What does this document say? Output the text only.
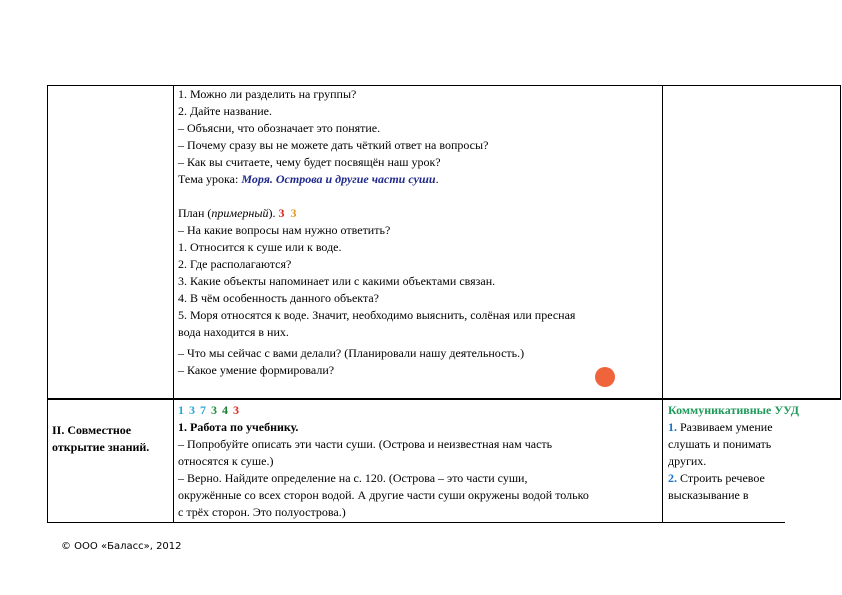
1. Можно ли разделить на группы?
2. Дайте название.
– Объясни, что обозначает это понятие.
– Почему сразу вы не можете дать чёткий ответ на вопросы?
– Как вы считаете, чему будет посвящён наш урок?
Тема урока: Моря. Острова и другие части суши.
План (примерный). 3 3
– На какие вопросы нам нужно ответить?
1. Относится к суше или к воде.
2. Где располагаются?
3. Какие объекты напоминает или с какими объектами связан.
4. В чём особенность данного объекта?
5. Моря относятся к воде. Значит, необходимо выяснить, солёная или пресная
вода находится в них.
– Что мы сейчас с вами делали? (Планировали нашу деятельность.)
– Какое умение формировали?
II. Совместное
открытие знаний.
1 3 7 3 4 3
1. Работа по учебнику.
– Попробуйте описать эти части суши. (Острова и неизвестная нам часть
относятся к суше.)
– Верно. Найдите определение на с. 120. (Острова – это части суши,
окружённые со всех сторон водой. А другие части суши окружены водой только
с трёх сторон. Это полуострова.)
Коммуникативные УУД
1. Развиваем умение
слушать и понимать
других.
2. Строить речевое
высказывание в
© ООО «Баласс», 2012
